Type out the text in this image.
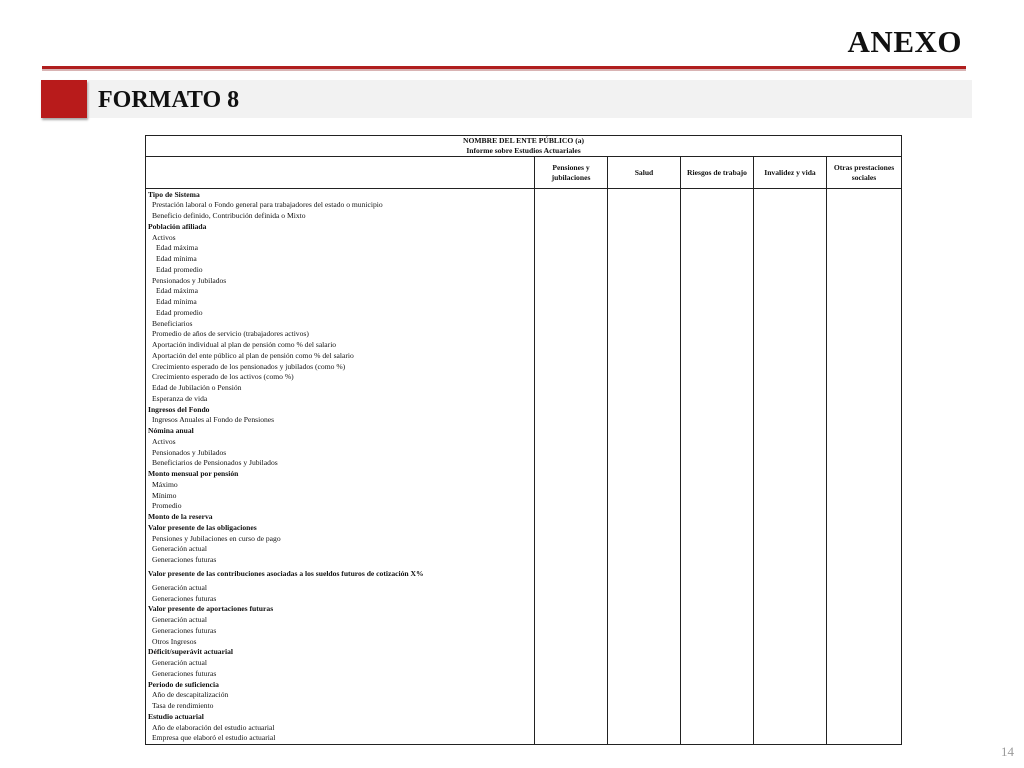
ANEXO
FORMATO 8
NOMBRE DEL ENTE PÚBLICO (a)
Informe sobre Estudios Actuariales					

	Pensiones y jubilaciones	Salud	Riesgos de trabajo	Invalidez y vida	Otras prestaciones sociales
Tipo de Sistema					
Prestación laboral o Fondo general para trabajadores del estado o municipio					
Beneficio definido, Contribución definida o Mixto					
Población afiliada					
Activos					
Edad máxima					
Edad mínima					
Edad promedio					
Pensionados y Jubilados					
Edad máxima					
Edad mínima					
Edad promedio					
Beneficiarios					
Promedio de años de servicio (trabajadores activos)					
Aportación individual al plan de pensión como % del salario					
Aportación del ente público al plan de pensión como % del salario					
Crecimiento esperado de los pensionados y jubilados (como %)					
Crecimiento esperado de los activos (como %)					
Edad de Jubilación o Pensión					
Esperanza de vida					
Ingresos del Fondo					
Ingresos Anuales al Fondo de Pensiones					
Nómina anual					
Activos					
Pensionados y Jubilados					
Beneficiarios de Pensionados y Jubilados					
Monto mensual por pensión					
Máximo					
Mínimo					
Promedio					
Monto de la reserva					
Valor presente de las obligaciones					
Pensiones y Jubilaciones en curso de pago					
Generación actual					
Generaciones futuras					
Valor presente de las contribuciones asociadas a los sueldos futuros de cotización X%					
Generación actual					
Generaciones futuras					
Valor presente de aportaciones futuras					
Generación actual					
Generaciones futuras					
Otros Ingresos					
Déficit/superávit actuarial					
Generación actual					
Generaciones futuras					
Periodo de suficiencia					
Año de descapitalización					
Tasa de rendimiento					
Estudio actuarial					
Año de elaboración del estudio actuarial					
Empresa que elaboró el estudio actuarial					
14
